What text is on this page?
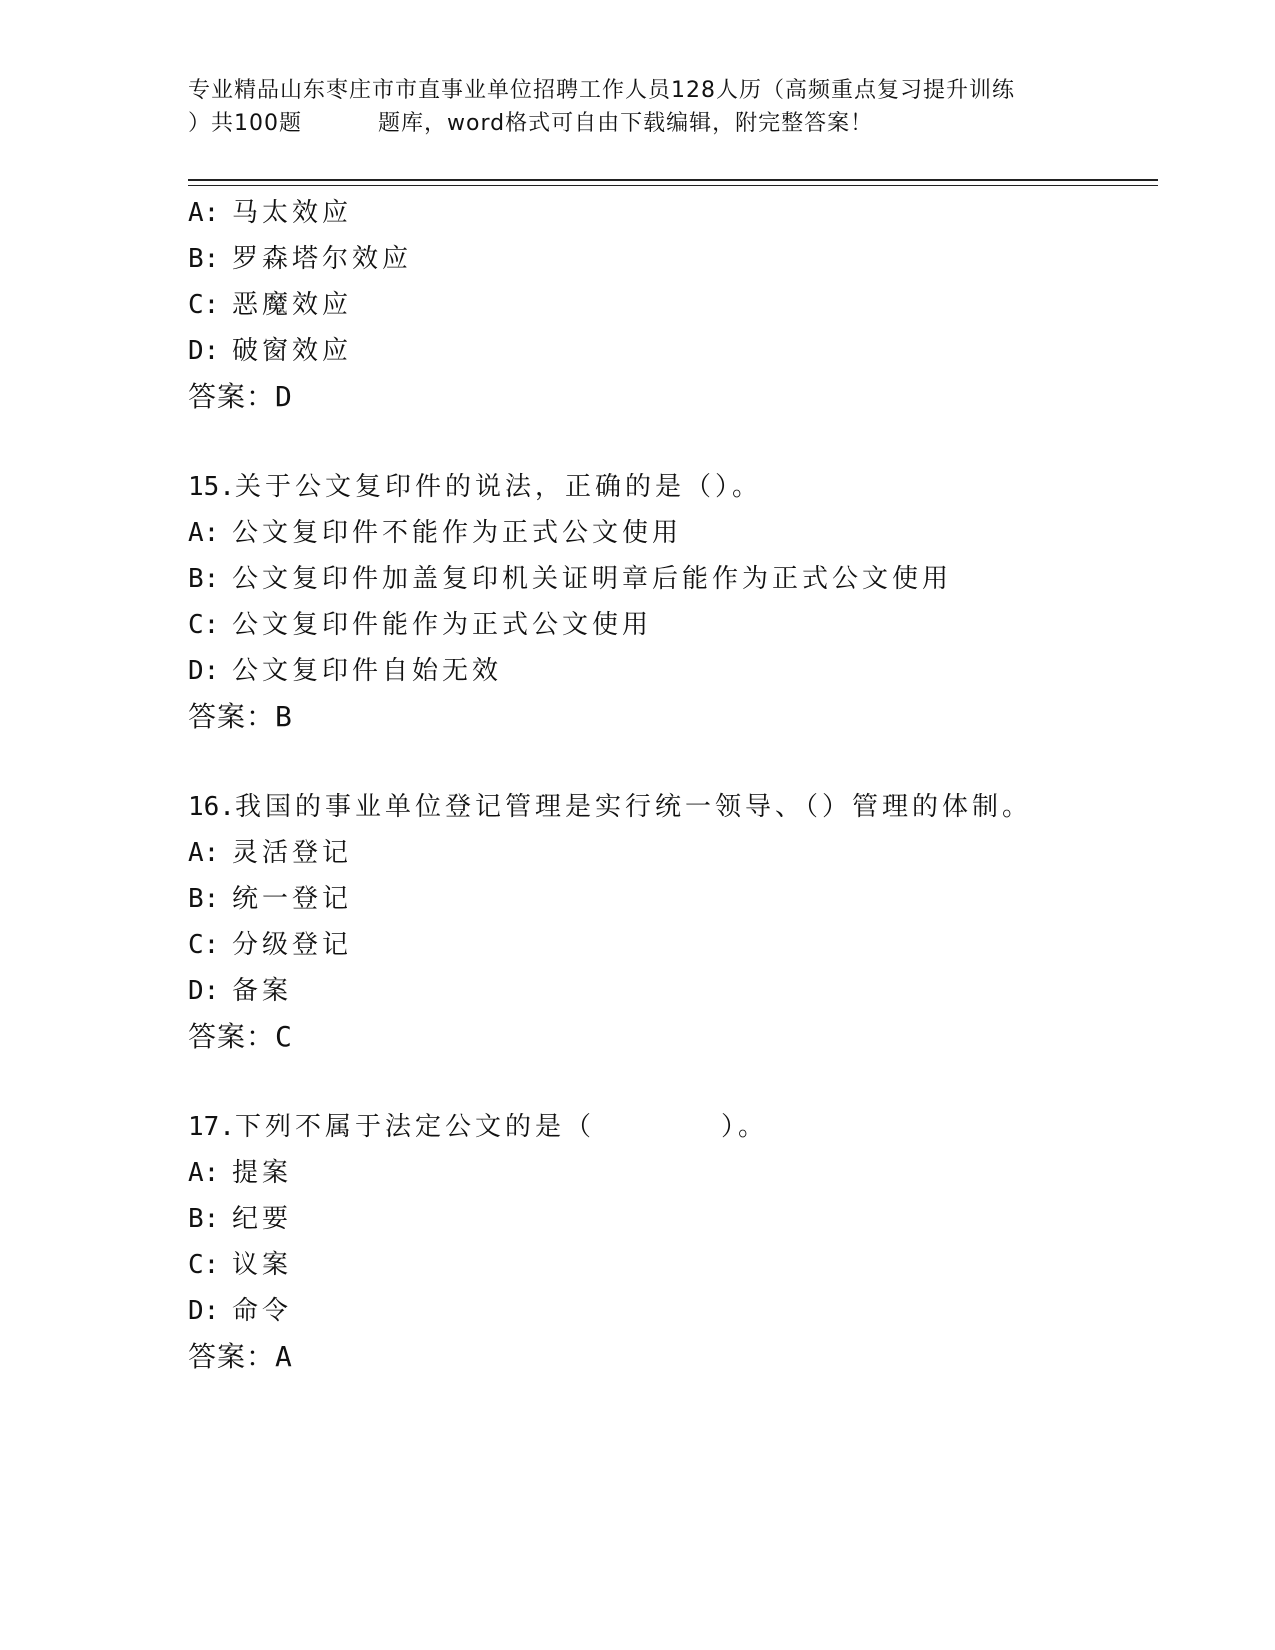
专业精品山东枣庄市市直事业单位招聘工作人员128人历（高频重点复习提升训练
）共100题	题库，word格式可自由下载编辑，附完整答案！
A: 马太效应
B: 罗森塔尔效应
C: 恶魔效应
D: 破窗效应
答案：D
15.关于公文复印件的说法，正确的是（）。
A: 公文复印件不能作为正式公文使用
B: 公文复印件加盖复印机关证明章后能作为正式公文使用
C: 公文复印件能作为正式公文使用
D: 公文复印件自始无效
答案：B
16.我国的事业单位登记管理是实行统一领导、（）管理的体制。
A: 灵活登记
B: 统一登记
C: 分级登记
D: 备案
答案：C
17.下列不属于法定公文的是（	）。
A: 提案
B: 纪要
C: 议案
D: 命令
答案：A
